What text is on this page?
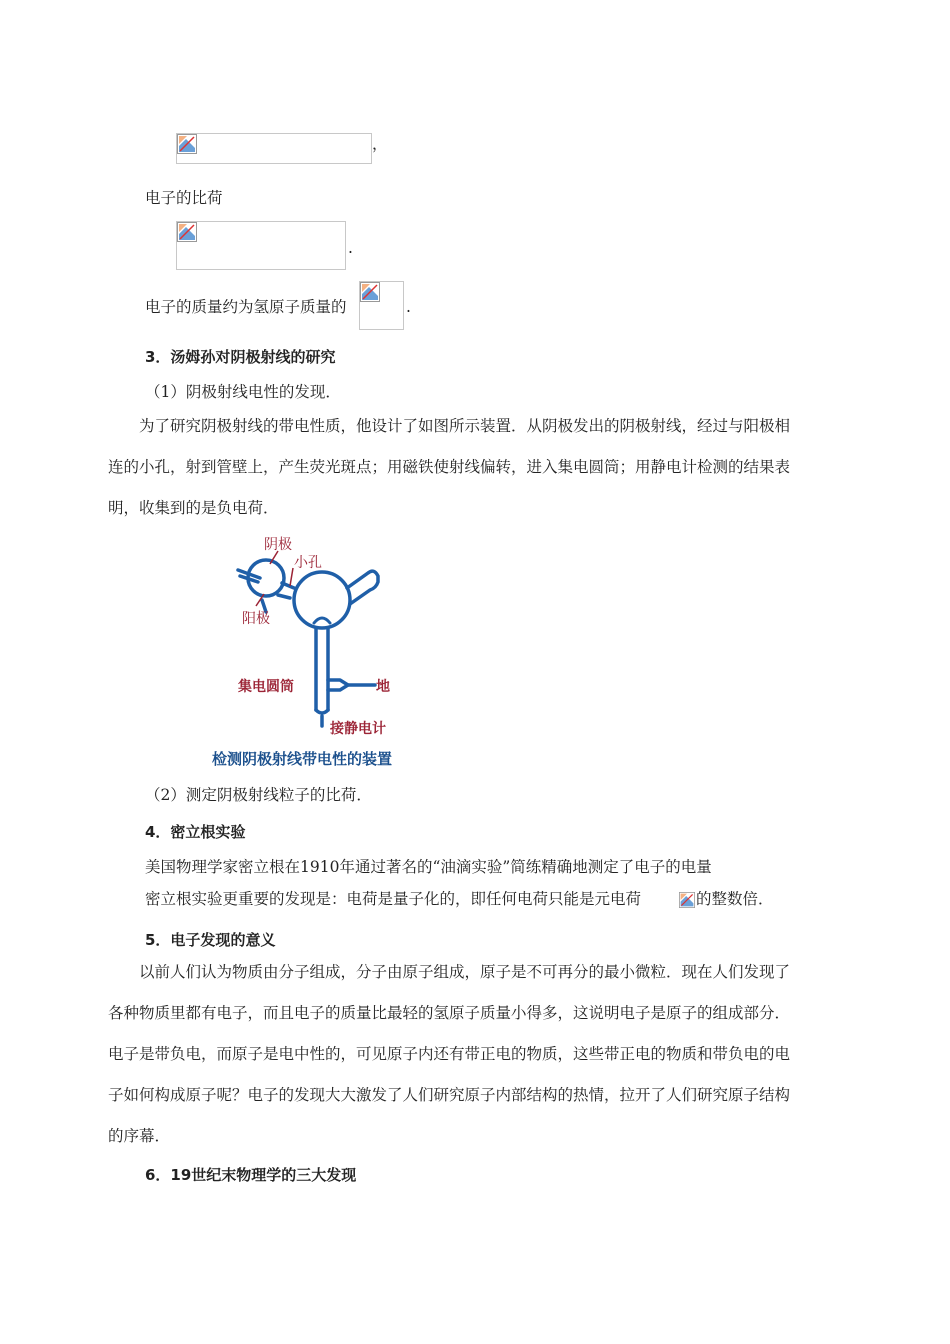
，
电子的比荷
.
电子的质量约为氢原子质量的	.
3．汤姆孙对阴极射线的研究
（1）阴极射线电性的发现．
为了研究阴极射线的带电性质，他设计了如图所示装置．从阴极发出的阴极射线，经过与阳极相
连的小孔，射到管壁上，产生荧光斑点；用磁铁使射线偏转，进入集电圆筒；用静电计检测的结果表
明，收集到的是负电荷．
阴极
小孔
阳极
集电圆筒	地
接静电计
检测阴极射线带电性的装置
（2）测定阴极射线粒子的比荷．
4．密立根实验
美国物理学家密立根在1910年通过著名的“油滴实验”简练精确地测定了电子的电量
密立根实验更重要的发现是：电荷是量子化的，即任何电荷只能是元电荷	的整数倍．
5．电子发现的意义
以前人们认为物质由分子组成，分子由原子组成，原子是不可再分的最小微粒．现在人们发现了
各种物质里都有电子，而且电子的质量比最轻的氢原子质量小得多，这说明电子是原子的组成部分．
电子是带负电，而原子是电中性的，可见原子内还有带正电的物质，这些带正电的物质和带负电的电
子如何构成原子呢？电子的发现大大激发了人们研究原子内部结构的热情，拉开了人们研究原子结构
的序幕．
6．19世纪末物理学的三大发现
